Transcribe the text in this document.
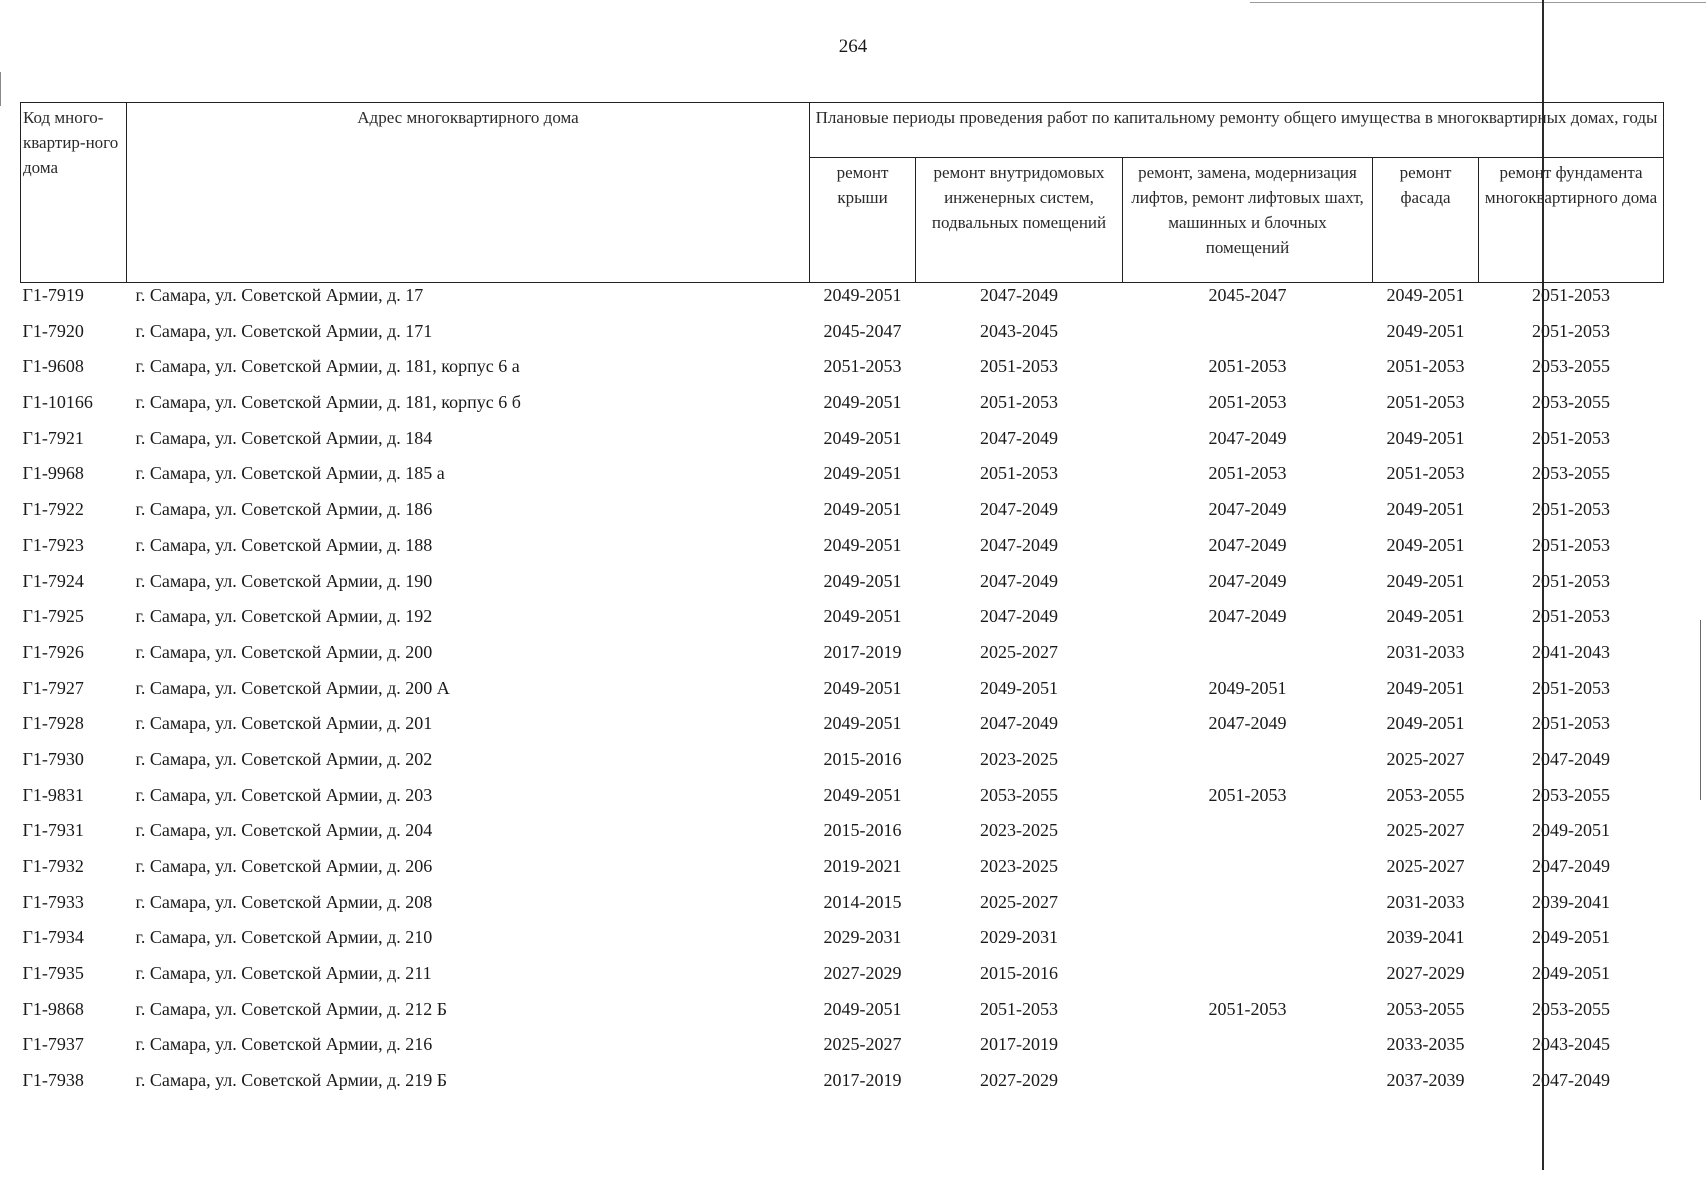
264
Код много-квартир-ного дома	Адрес многоквартирного дома	Плановые периоды проведения работ по капитальному ремонту общего имущества в многоквартирных домах, годы				
		ремонт крыши	ремонт внутридомовых инженерных систем, подвальных помещений	ремонт, замена, модернизация лифтов, ремонт лифтовых шахт, машинных и блочных помещений	ремонт фасада	ремонт фундамента многоквартирного дома
Г1-7919	г. Самара, ул. Советской Армии, д. 17	2049-2051	2047-2049	2045-2047	2049-2051	2051-2053
Г1-7920	г. Самара, ул. Советской Армии, д. 171	2045-2047	2043-2045		2049-2051	2051-2053
Г1-9608	г. Самара, ул. Советской Армии, д. 181, корпус 6 а	2051-2053	2051-2053	2051-2053	2051-2053	2053-2055
Г1-10166	г. Самара, ул. Советской Армии, д. 181, корпус 6 б	2049-2051	2051-2053	2051-2053	2051-2053	2053-2055
Г1-7921	г. Самара, ул. Советской Армии, д. 184	2049-2051	2047-2049	2047-2049	2049-2051	2051-2053
Г1-9968	г. Самара, ул. Советской Армии, д. 185 а	2049-2051	2051-2053	2051-2053	2051-2053	2053-2055
Г1-7922	г. Самара, ул. Советской Армии, д. 186	2049-2051	2047-2049	2047-2049	2049-2051	2051-2053
Г1-7923	г. Самара, ул. Советской Армии, д. 188	2049-2051	2047-2049	2047-2049	2049-2051	2051-2053
Г1-7924	г. Самара, ул. Советской Армии, д. 190	2049-2051	2047-2049	2047-2049	2049-2051	2051-2053
Г1-7925	г. Самара, ул. Советской Армии, д. 192	2049-2051	2047-2049	2047-2049	2049-2051	2051-2053
Г1-7926	г. Самара, ул. Советской Армии, д. 200	2017-2019	2025-2027		2031-2033	2041-2043
Г1-7927	г. Самара, ул. Советской Армии, д. 200 А	2049-2051	2049-2051	2049-2051	2049-2051	2051-2053
Г1-7928	г. Самара, ул. Советской Армии, д. 201	2049-2051	2047-2049	2047-2049	2049-2051	2051-2053
Г1-7930	г. Самара, ул. Советской Армии, д. 202	2015-2016	2023-2025		2025-2027	2047-2049
Г1-9831	г. Самара, ул. Советской Армии, д. 203	2049-2051	2053-2055	2051-2053	2053-2055	2053-2055
Г1-7931	г. Самара, ул. Советской Армии, д. 204	2015-2016	2023-2025		2025-2027	2049-2051
Г1-7932	г. Самара, ул. Советской Армии, д. 206	2019-2021	2023-2025		2025-2027	2047-2049
Г1-7933	г. Самара, ул. Советской Армии, д. 208	2014-2015	2025-2027		2031-2033	2039-2041
Г1-7934	г. Самара, ул. Советской Армии, д. 210	2029-2031	2029-2031		2039-2041	2049-2051
Г1-7935	г. Самара, ул. Советской Армии, д. 211	2027-2029	2015-2016		2027-2029	2049-2051
Г1-9868	г. Самара, ул. Советской Армии, д. 212 Б	2049-2051	2051-2053	2051-2053	2053-2055	2053-2055
Г1-7937	г. Самара, ул. Советской Армии, д. 216	2025-2027	2017-2019		2033-2035	2043-2045
Г1-7938	г. Самара, ул. Советской Армии, д. 219 Б	2017-2019	2027-2029		2037-2039	2047-2049
